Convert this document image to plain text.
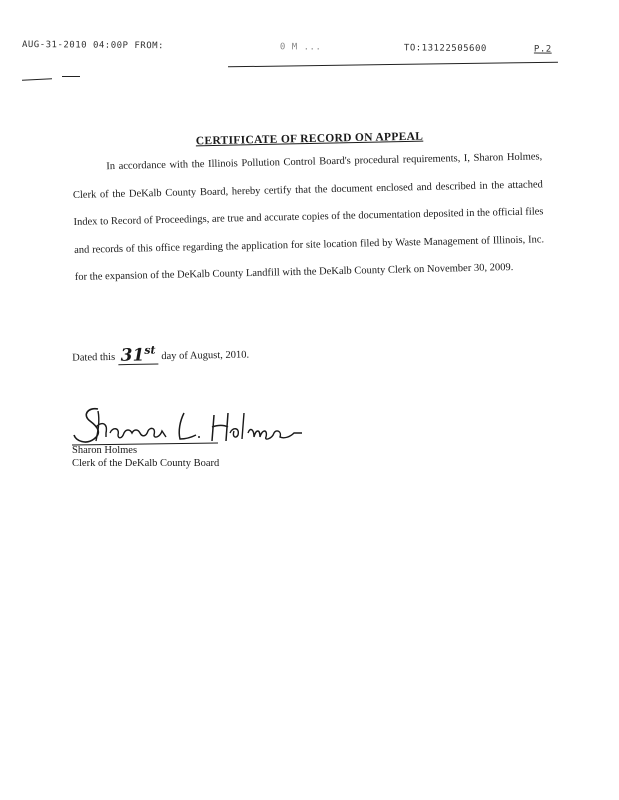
AUG-31-2010 04:00P FROM:	0 M ...	TO:13122505600	P.2
CERTIFICATE OF RECORD ON APPEAL
In accordance with the Illinois Pollution Control Board's procedural requirements, I, Sharon Holmes, Clerk of the DeKalb County Board, hereby certify that the document enclosed and described in the attached Index to Record of Proceedings, are true and accurate copies of the documentation deposited in the official files and records of this office regarding the application for site location filed by Waste Management of Illinois, Inc. for the expansion of the DeKalb County Landfill with the DeKalb County Clerk on November 30, 2009.
Dated this 31st day of August, 2010.
Sharon Holmes
Clerk of the DeKalb County Board
